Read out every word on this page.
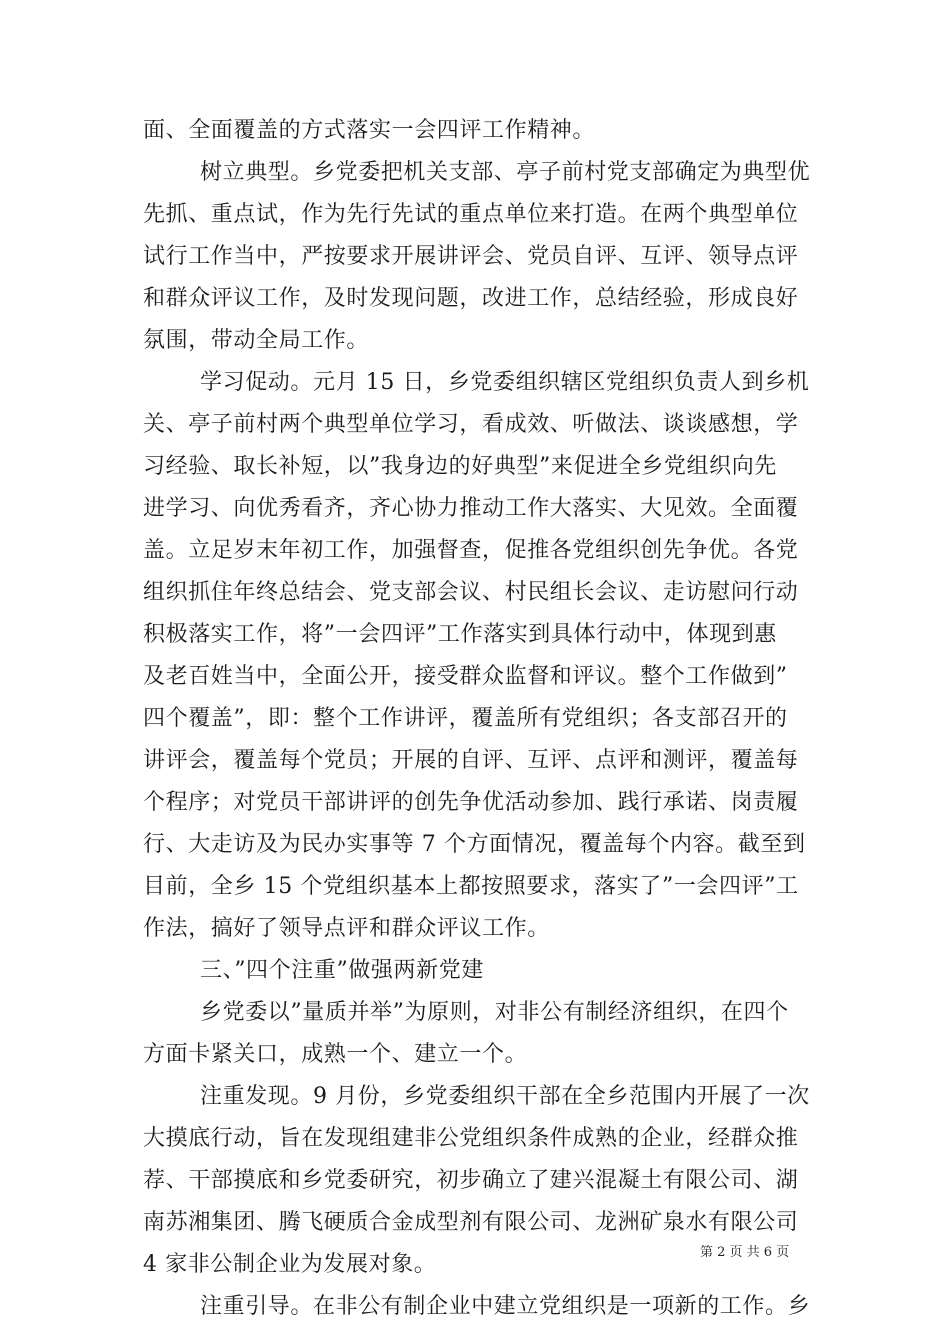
面、全面覆盖的方式落实一会四评工作精神。
树立典型。乡党委把机关支部、亭子前村党支部确定为典型优
先抓、重点试，作为先行先试的重点单位来打造。在两个典型单位
试行工作当中，严按要求开展讲评会、党员自评、互评、领导点评
和群众评议工作，及时发现问题，改进工作，总结经验，形成良好
氛围，带动全局工作。
学习促动。元月 15 日，乡党委组织辖区党组织负责人到乡机
关、亭子前村两个典型单位学习，看成效、听做法、谈谈感想，学
习经验、取长补短，以”我身边的好典型”来促进全乡党组织向先
进学习、向优秀看齐，齐心协力推动工作大落实、大见效。全面覆
盖。立足岁末年初工作，加强督查，促推各党组织创先争优。各党
组织抓住年终总结会、党支部会议、村民组长会议、走访慰问行动
积极落实工作，将”一会四评”工作落实到具体行动中，体现到惠
及老百姓当中，全面公开，接受群众监督和评议。整个工作做到”
四个覆盖”，即：整个工作讲评，覆盖所有党组织；各支部召开的
讲评会，覆盖每个党员；开展的自评、互评、点评和测评，覆盖每
个程序；对党员干部讲评的创先争优活动参加、践行承诺、岗责履
行、大走访及为民办实事等 7 个方面情况，覆盖每个内容。截至到
目前，全乡 15 个党组织基本上都按照要求，落实了”一会四评”工
作法，搞好了领导点评和群众评议工作。
三、”四个注重”做强两新党建
乡党委以”量质并举”为原则，对非公有制经济组织，在四个
方面卡紧关口，成熟一个、建立一个。
注重发现。9 月份，乡党委组织干部在全乡范围内开展了一次
大摸底行动，旨在发现组建非公党组织条件成熟的企业，经群众推
荐、干部摸底和乡党委研究，初步确立了建兴混凝土有限公司、湖
南苏湘集团、腾飞硬质合金成型剂有限公司、龙洲矿泉水有限公司
4 家非公制企业为发展对象。
注重引导。在非公有制企业中建立党组织是一项新的工作。乡
第 2 页 共 6 页
